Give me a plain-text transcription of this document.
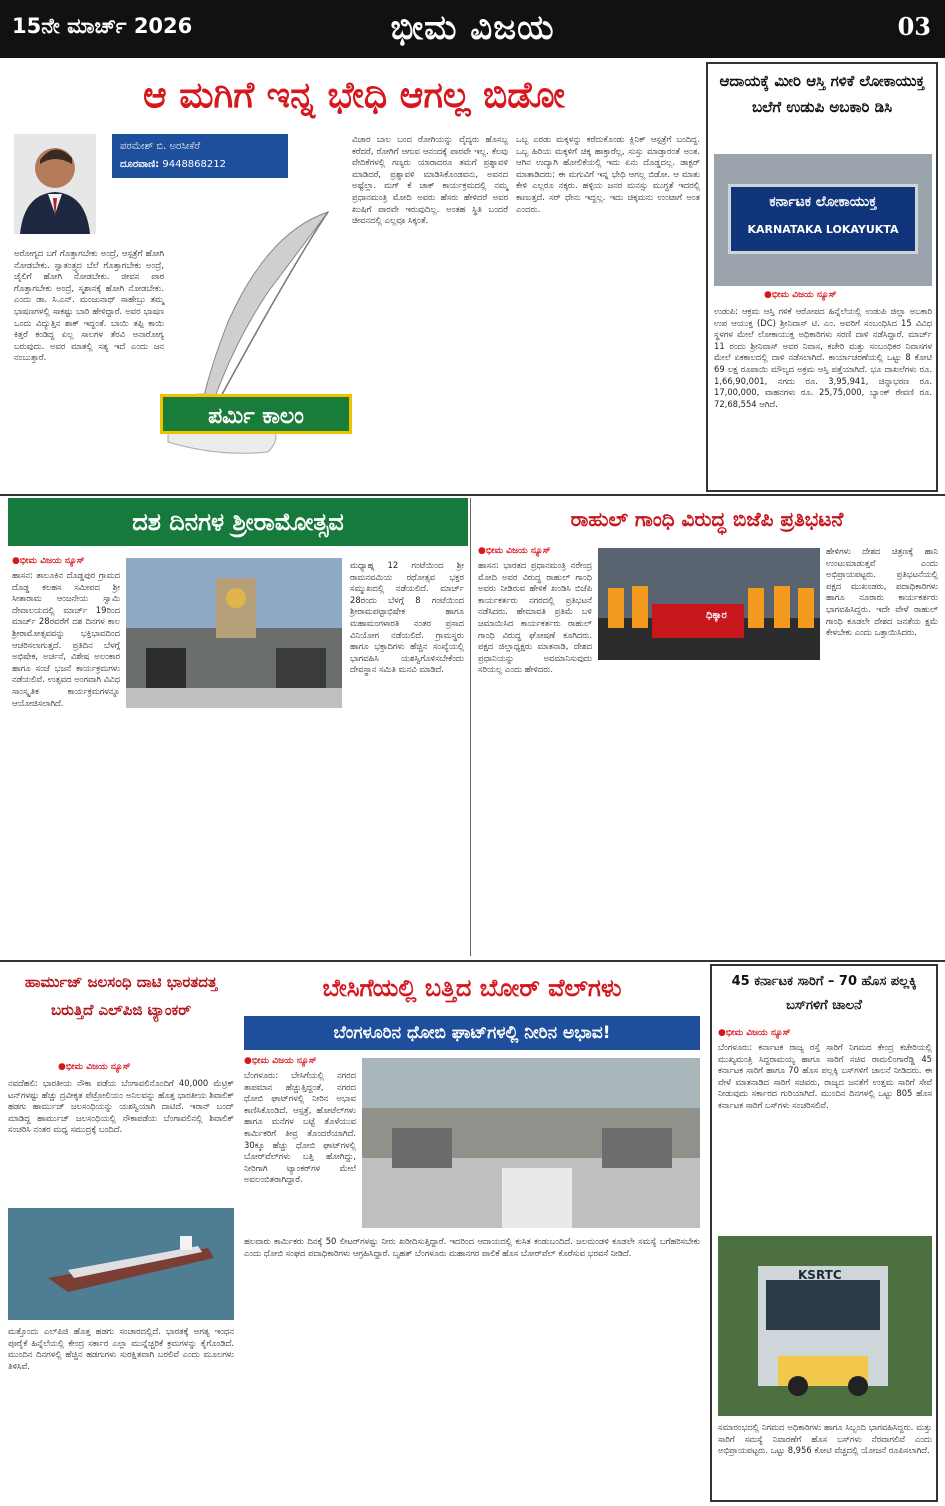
15ನೇ ಮಾರ್ಚ್ 2026	ಭೀಮ ವಿಜಯ	03
ಆ ಮಗಿಗೆ ಇನ್ನ ಭೇಧಿ ಆಗಲ್ಲ ಬಿಡೋ
ಪರಮೇಶ್ ಬಿ. ಅರಸೀಕೆರೆ
ದೂರವಾಣಿ: 9448868212
ಪರ್ಮಿ ಕಾಲಂ
ಅರೋಗ್ಯದ ಬಗೆ ಗೊತ್ತಾಗಬೇಕು ಅಂದ್ರೆ, ಆಸ್ಪತ್ರೆಗೆ ಹೋಗಿ ನೋಡಬೇಕು. ಸ್ವಾತಂತ್ರ್ಯದ ಬೆಲೆ ಗೊತ್ತಾಗಬೇಕು ಅಂದ್ರೆ, ಜೈಲಿಗೆ ಹೋಗಿ ನೋಡಬೇಕು. ಜೀವನ ಪಾಠ ಗೊತ್ತಾಗಬೇಕು ಅಂದ್ರೆ, ಸ್ಮಶಾನಕ್ಕೆ ಹೋಗಿ ನೋಡಬೇಕು. ಎಂದು ಡಾ. ಸಿ.ಎನ್. ಮಂಜುನಾಥ್ ಸಾಹೇಬ್ರು ತಮ್ಮ ಭಾಷಣಗಳಲ್ಲಿ ಸಾಕಷ್ಟು ಬಾರಿ ಹೇಳಿದ್ದಾರೆ. ಅವರ ಭಾಷಣ ಒಂದು ವಿದ್ಯುತ್ತಿನ ಶಾಕ್ ಇದ್ದಂತೆ. ಬಾಯಿ ತಪ್ಪಿ ಕಾಯಿ ಕಿತ್ತರೆ ಕಂಡಿದ್ದ ಏಲ್ಲ ಸಾಲಗಳ ತೆರವಿ ಅನಾರೋಗ್ಯ ಬರುವುದು. ಅವರ ಮಾತಲ್ಲಿ ಸತ್ಯ ಇದೆ ಎಂದು ಜನ ನಂಬುತ್ತಾರೆ.
ವಿಚಾರ ಬಾಲ ಬಂದ ರೋಗಿಯನ್ನು ವೈದ್ಯರು ಹೊಸಬ್ಬ ಕರೆದರೆ, ರೋಗಿಗೆ ಆಗುವ ಆನಂದಕ್ಕೆ ಪಾರವೇ ಇಲ್ಲ. ಕೆಲವು ವೇದಿಕೆಗಳಲ್ಲಿ ಗಣ್ಯರು ಯಾರಾದರೂ ತಮಗೆ ಪ್ರಶ್ನಾವಳಿ ಮಾಡಿದರೆ, ಪ್ರಶ್ನಾವಳಿ ಮಾಡಿಸಿಕೊಂಡವನು, ಅವನದ ಅಷ್ಟೆಲ್ಲಾ. ಮಗ್ ಕೆ ಚಾಕ್ ಕಾರ್ಯಕ್ರಮದಲ್ಲಿ ನಮ್ಮ ಪ್ರಧಾನಮಂತ್ರಿ ಮೋದಿ ಅವರು ಹೆಸರು ಹೇಳಿದರೆ ಅವರ ಖುಷಿಗೆ ಪಾರವೇ ಇರುವುದಿಲ್ಲ. ಅಂತಹ ಸ್ಥಿತಿ ಬಂದರೆ ಜೀವನದಲ್ಲಿ ಎಲ್ಲವೂ ಸಿಕ್ಕಂತೆ.
ಒಬ್ಬ ಎರಡು ಮಕ್ಕಳನ್ನು ಕರೆದುಕೊಂಡು ಕ್ಲಿನಿಕ್ ಆಸ್ಪತ್ರೆಗೆ ಬಂದಿದ್ದ. ಒಬ್ಬ ಹಿರಿಯ ಮಕ್ಕಳಿಗೆ ಚಿಕ್ಕ ಹಾಕ್ತಾರೆಲ್ಲ, ಸುಸ್ತು ಮಾಡ್ತಾರಂತೆ ಅಂತ. ಆಗಿನ ಉದ್ಯಾಗಿ ಹೋಲಿಕೆಯಲ್ಲಿ ಇದು ಏನು ದೊಡ್ಡದಲ್ಲ. ಡಾಕ್ಟರ್ ಮಾತಾಡಿದರು: ಈ ಮಗುವಿಗೆ ಇನ್ನ ಭೇಧಿ ಆಗಲ್ಲ ಬಿಡೋ. ಆ ಮಾತು ಕೇಳಿ ಎಲ್ಲರೂ ನಕ್ಕರು. ಹಳ್ಳಿಯ ಜನರ ಮನಸ್ಸು ಮುಗ್ಧತೆ ಇದರಲ್ಲಿ ಕಾಣುತ್ತದೆ. ಸರ್ ಧೇನು ಇದ್ದಲ್ಲ. ಇದು ಚಿಕ್ಕಮನು ಉಂಟಾಗೆ ಅಂತ ಎಂದರು.
ಆದಾಯಕ್ಕೆ ಮೀರಿ ಆಸ್ತಿ ಗಳಿಕೆ ಲೋಕಾಯುಕ್ತ ಬಲೆಗೆ ಉಡುಪಿ ಅಬಕಾರಿ ಡಿಸಿ
ಕರ್ನಾಟಕ ಲೋಕಾಯುಕ್ತ
KARNATAKA LOKAYUKTA
● ಭೀಮ ವಿಜಯ ನ್ಯೂಸ್
ಉಡುಪಿ: ಆಕ್ರಮ ಆಸ್ತಿ ಗಳಿಕೆ ಆರೋಪದ ಹಿನ್ನೆಲೆಯಲ್ಲಿ ಉಡುಪಿ ಜಿಲ್ಲಾ ಅಬಕಾರಿ ಉಪ ಆಯುಕ್ತ (DC) ಶ್ರೀನಿವಾಸ್ ಟಿ. ಎಂ. ಅವರಿಗೆ ಸಂಬಂಧಿಸಿದ 15 ವಿವಿಧ ಸ್ಥಳಗಳ ಮೇಲೆ ಲೋಕಾಯುಕ್ತ ಅಧಿಕಾರಿಗಳು ಸರಣಿ ದಾಳಿ ನಡೆಸಿದ್ದಾರೆ. ಮಾರ್ಚ್ 11 ರಂದು ಶ್ರೀನಿವಾಸ್ ಅವರ ನಿವಾಸ, ಕಚೇರಿ ಮತ್ತು ಸಂಬಂಧಿಕರ ನಿವಾಸಗಳ ಮೇಲೆ ಏಕಕಾಲದಲ್ಲಿ ದಾಳಿ ನಡೆಸಲಾಗಿದೆ. ಕಾರ್ಯಾಚರಣೆಯಲ್ಲಿ ಒಟ್ಟು 8 ಕೋಟಿ 69 ಲಕ್ಷ ರೂಪಾಯಿ ಮೌಲ್ಯದ ಅಕ್ರಮ ಆಸ್ತಿ ಪತ್ತೆಯಾಗಿದೆ. ಭೂ ದಾಖಲೆಗಳು ರೂ. 1,66,90,001, ನಗದು ರೂ. 3,95,941, ಚಿನ್ನಾಭರಣ ರೂ. 17,00,000, ವಾಹನಗಳು ರೂ. 25,75,000, ಬ್ಯಾಂಕ್ ಠೇವಣಿ ರೂ. 72,68,554 ಆಗಿದೆ.
ದಶ ದಿನಗಳ ಶ್ರೀರಾಮೋತ್ಸವ
● ಭೀಮ ವಿಜಯ ನ್ಯೂಸ್
ಹಾಸನ: ತಾಲೂಕಿನ ದೊಡ್ಡಪುರ ಗ್ರಾಮದ ದೊಡ್ಡ ಕಲಹಸ ಸಮೀಪದ ಶ್ರೀ ಸೀತಾರಾಮ ಆಂಜನೇಯ ಸ್ವಾಮಿ ದೇವಾಲಯದಲ್ಲಿ ಮಾರ್ಚ್ 19ರಿಂದ ಮಾರ್ಚ್ 28ರವರೆಗೆ ದಶ ದಿನಗಳ ಕಾಲ ಶ್ರೀರಾಮೋತ್ಸವವನ್ನು ಭಕ್ತಿಭಾವದಿಂದ ಆಚರಿಸಲಾಗುತ್ತದೆ. ಪ್ರತಿದಿನ ಬೆಳಗ್ಗೆ ಅಭಿಷೇಕ, ಅರ್ಚನೆ, ವಿಶೇಷ ಅಲಂಕಾರ ಹಾಗೂ ಸಂಜೆ ಭಜನೆ ಕಾರ್ಯಕ್ರಮಗಳು ನಡೆಯಲಿವೆ. ಉತ್ಸವದ ಅಂಗವಾಗಿ ವಿವಿಧ ಸಾಂಸ್ಕೃತಿಕ ಕಾರ್ಯಕ್ರಮಗಳನ್ನೂ ಆಯೋಜಿಸಲಾಗಿದೆ.
ಮಧ್ಯಾಹ್ನ 12 ಗಂಟೆಯಿಂದ ಶ್ರೀ ರಾಮನವಮಿಯ ರಥೋತ್ಸವ ಭಕ್ತರ ಸಮ್ಮುಖದಲ್ಲಿ ನಡೆಯಲಿದೆ. ಮಾರ್ಚ್ 28ರಂದು ಬೆಳಗ್ಗೆ 8 ಗಂಟೆಯಿಂದ ಶ್ರೀರಾಮಪಟ್ಟಾಭಿಷೇಕ ಹಾಗೂ ಮಹಾಮಂಗಳಾರತಿ ನಂತರ ಪ್ರಸಾದ ವಿನಿಯೋಗ ನಡೆಯಲಿದೆ. ಗ್ರಾಮಸ್ಥರು ಹಾಗೂ ಭಕ್ತಾದಿಗಳು ಹೆಚ್ಚಿನ ಸಂಖ್ಯೆಯಲ್ಲಿ ಭಾಗವಹಿಸಿ ಯಶಸ್ವಿಗೊಳಿಸಬೇಕೆಂದು ದೇವಸ್ಥಾನ ಸಮಿತಿ ಮನವಿ ಮಾಡಿದೆ.
ರಾಹುಲ್ ಗಾಂಧಿ ವಿರುದ್ಧ ಬಿಜೆಪಿ ಪ್ರತಿಭಟನೆ
● ಭೀಮ ವಿಜಯ ನ್ಯೂಸ್
ಹಾಸನ: ಭಾರತದ ಪ್ರಧಾನಮಂತ್ರಿ ನರೇಂದ್ರ ಮೋದಿ ಅವರ ವಿರುದ್ಧ ರಾಹುಲ್ ಗಾಂಧಿ ಅವರು ನೀಡಿರುವ ಹೇಳಿಕೆ ಖಂಡಿಸಿ ಬಿಜೆಪಿ ಕಾರ್ಯಕರ್ತರು ನಗರದಲ್ಲಿ ಪ್ರತಿಭಟನೆ ನಡೆಸಿದರು. ಹೇಮಾವತಿ ಪ್ರತಿಮೆ ಬಳಿ ಜಮಾಯಿಸಿದ ಕಾರ್ಯಕರ್ತರು ರಾಹುಲ್ ಗಾಂಧಿ ವಿರುದ್ಧ ಘೋಷಣೆ ಕೂಗಿದರು. ಪಕ್ಷದ ಜಿಲ್ಲಾಧ್ಯಕ್ಷರು ಮಾತನಾಡಿ, ದೇಶದ ಪ್ರಧಾನಿಯನ್ನು ಅವಮಾನಿಸುವುದು ಸರಿಯಲ್ಲ ಎಂದು ಹೇಳಿದರು.
ಧಿಕ್ಕಾರ
ಹೇಳಿಗಳು ದೇಶದ ಚಿತ್ರಣಕ್ಕೆ ಹಾನಿ ಉಂಟುಮಾಡುತ್ತವೆ ಎಂದು ಅಭಿಪ್ರಾಯಪಟ್ಟರು. ಪ್ರತಿಭಟನೆಯಲ್ಲಿ ಪಕ್ಷದ ಮುಖಂಡರು, ಪದಾಧಿಕಾರಿಗಳು ಹಾಗೂ ನೂರಾರು ಕಾರ್ಯಕರ್ತರು ಭಾಗವಹಿಸಿದ್ದರು. ಇದೇ ವೇಳೆ ರಾಹುಲ್ ಗಾಂಧಿ ಕೂಡಲೇ ದೇಶದ ಜನತೆಯ ಕ್ಷಮೆ ಕೇಳಬೇಕು ಎಂದು ಒತ್ತಾಯಿಸಿದರು.
ಹಾರ್ಮುಜ್ ಜಲಸಂಧಿ ದಾಟಿ ಭಾರತದತ್ತ ಬರುತ್ತಿದೆ ಎಲ್‌ಪಿಜಿ ಟ್ಯಾಂಕರ್
● ಭೀಮ ವಿಜಯ ನ್ಯೂಸ್
ನವದೆಹಲಿ: ಭಾರತೀಯ ನೌಕಾ ಪಡೆಯ ಬೆಂಗಾವಲಿನೊಂದಿಗೆ 40,000 ಮೆಟ್ರಿಕ್ ಟನ್‌ಗಳಷ್ಟು ಹೆಚ್ಚು ದ್ರವೀಕೃತ ಪೆಟ್ರೋಲಿಯಂ ಅನಿಲವನ್ನು ಹೊತ್ತ ಭಾರತೀಯ ಶಿವಾಲಿಕ್ ಹಡಗು ಹಾರ್ಮುಜ್ ಜಲಸಂಧಿಯನ್ನು ಯಶಸ್ವಿಯಾಗಿ ದಾಟಿದೆ. ಇರಾನ್ ಬಂದ್ ಮಾಡಿದ್ದ ಹಾರ್ಮುಜ್ ಜಲಸಂಧಿಯಲ್ಲಿ ನೌಕಾಪಡೆಯ ಬೆಂಗಾವಲಿನಲ್ಲಿ ಶಿವಾಲಿಕ್ ಸಂಚರಿಸಿ ನಂತರ ಮಧ್ಯ ಸಮುದ್ರಕ್ಕೆ ಬಂದಿದೆ.
ಮತ್ತೊಂದು ಎಲ್‌ಪಿಜಿ ಹೊತ್ತ ಹಡಗು ಸಂಚಾರದಲ್ಲಿದೆ. ಭಾರತಕ್ಕೆ ಅಗತ್ಯ ಇಂಧನ ಪೂರೈಕೆ ಹಿನ್ನೆಲೆಯಲ್ಲಿ ಕೇಂದ್ರ ಸರ್ಕಾರ ಎಲ್ಲಾ ಮುನ್ನೆಚ್ಚರಿಕೆ ಕ್ರಮಗಳನ್ನು ಕೈಗೊಂಡಿದೆ. ಮುಂದಿನ ದಿನಗಳಲ್ಲಿ ಹೆಚ್ಚಿನ ಹಡಗುಗಳು ಸುರಕ್ಷಿತವಾಗಿ ಬರಲಿವೆ ಎಂದು ಮೂಲಗಳು ತಿಳಿಸಿವೆ.
ಬೇಸಿಗೆಯಲ್ಲಿ ಬತ್ತಿದ ಬೋರ್ ವೆಲ್‌ಗಳು
ಬೆಂಗಳೂರಿನ ಧೋಬಿ ಘಾಟ್‌ಗಳಲ್ಲಿ ನೀರಿನ ಅಭಾವ!
● ಭೀಮ ವಿಜಯ ನ್ಯೂಸ್
ಬೆಂಗಳೂರು: ಬೇಸಿಗೆಯಲ್ಲಿ ನಗರದ ತಾಪಮಾನ ಹೆಚ್ಚುತ್ತಿದ್ದಂತೆ, ನಗರದ ಧೋಬಿ ಘಾಟ್‌ಗಳಲ್ಲಿ ನೀರಿನ ಅಭಾವ ಕಾಣಿಸಿಕೊಂಡಿದೆ. ಆಸ್ಪತ್ರೆ, ಹೋಟೆಲ್‌ಗಳು ಹಾಗೂ ಮನೆಗಳ ಬಟ್ಟೆ ತೊಳೆಯುವ ಕಾರ್ಮಿಕರಿಗೆ ತೀವ್ರ ತೊಂದರೆಯಾಗಿದೆ. 30ಕ್ಕೂ ಹೆಚ್ಚು ಧೋಬಿ ಘಾಟ್‌ಗಳಲ್ಲಿ ಬೋರ್‌ವೆಲ್‌ಗಳು ಬತ್ತಿ ಹೋಗಿದ್ದು, ನೀರಿಗಾಗಿ ಟ್ಯಾಂಕರ್‌ಗಳ ಮೇಲೆ ಅವಲಂಬಿತರಾಗಿದ್ದಾರೆ.
ಹಲವಾರು ಕಾರ್ಮಿಕರು ದಿನಕ್ಕೆ 50 ಲೀಟರ್‌ಗಳಷ್ಟು ನೀರು ಖರೀದಿಸುತ್ತಿದ್ದಾರೆ. ಇದರಿಂದ ಆದಾಯದಲ್ಲಿ ಕುಸಿತ ಕಂಡುಬಂದಿದೆ. ಜಲಮಂಡಳಿ ಕೂಡಲೇ ಸಮಸ್ಯೆ ಬಗೆಹರಿಸಬೇಕು ಎಂದು ಧೋಬಿ ಸಂಘದ ಪದಾಧಿಕಾರಿಗಳು ಆಗ್ರಹಿಸಿದ್ದಾರೆ. ಬೃಹತ್ ಬೆಂಗಳೂರು ಮಹಾನಗರ ಪಾಲಿಕೆ ಹೊಸ ಬೋರ್‌ವೆಲ್ ಕೊರೆಸುವ ಭರವಸೆ ನೀಡಿದೆ.
45 ಕರ್ನಾಟಕ ಸಾರಿಗೆ – 70 ಹೊಸ ಪಲ್ಲಕ್ಕಿ ಬಸ್‌ಗಳಿಗೆ ಚಾಲನೆ
● ಭೀಮ ವಿಜಯ ನ್ಯೂಸ್
ಬೆಂಗಳೂರು: ಕರ್ನಾಟಕ ರಾಜ್ಯ ರಸ್ತೆ ಸಾರಿಗೆ ನಿಗಮದ ಕೇಂದ್ರ ಕಚೇರಿಯಲ್ಲಿ ಮುಖ್ಯಮಂತ್ರಿ ಸಿದ್ದರಾಮಯ್ಯ ಹಾಗೂ ಸಾರಿಗೆ ಸಚಿವ ರಾಮಲಿಂಗಾರೆಡ್ಡಿ 45 ಕರ್ನಾಟಕ ಸಾರಿಗೆ ಹಾಗೂ 70 ಹೊಸ ಪಲ್ಲಕ್ಕಿ ಬಸ್‌ಗಳಿಗೆ ಚಾಲನೆ ನೀಡಿದರು. ಈ ವೇಳೆ ಮಾತನಾಡಿದ ಸಾರಿಗೆ ಸಚಿವರು, ರಾಜ್ಯದ ಜನತೆಗೆ ಉತ್ತಮ ಸಾರಿಗೆ ಸೇವೆ ನೀಡುವುದು ಸರ್ಕಾರದ ಗುರಿಯಾಗಿದೆ. ಮುಂದಿನ ದಿನಗಳಲ್ಲಿ ಒಟ್ಟು 805 ಹೊಸ ಕರ್ನಾಟಕ ಸಾರಿಗೆ ಬಸ್‌ಗಳು ಸಂಚರಿಸಲಿವೆ.
KSRTC
ಸಮಾರಂಭದಲ್ಲಿ ನಿಗಮದ ಅಧಿಕಾರಿಗಳು ಹಾಗೂ ಸಿಬ್ಬಂದಿ ಭಾಗವಹಿಸಿದ್ದರು. ಮತ್ತು ಸಾರಿಗೆ ಸಮಸ್ಯೆ ನಿವಾರಣೆಗೆ ಹೊಸ ಬಸ್‌ಗಳು ನೆರವಾಗಲಿವೆ ಎಂದು ಅಭಿಪ್ರಾಯಪಟ್ಟರು. ಒಟ್ಟು 8,956 ಕೋಟಿ ವೆಚ್ಚದಲ್ಲಿ ಯೋಜನೆ ರೂಪಿಸಲಾಗಿದೆ.
